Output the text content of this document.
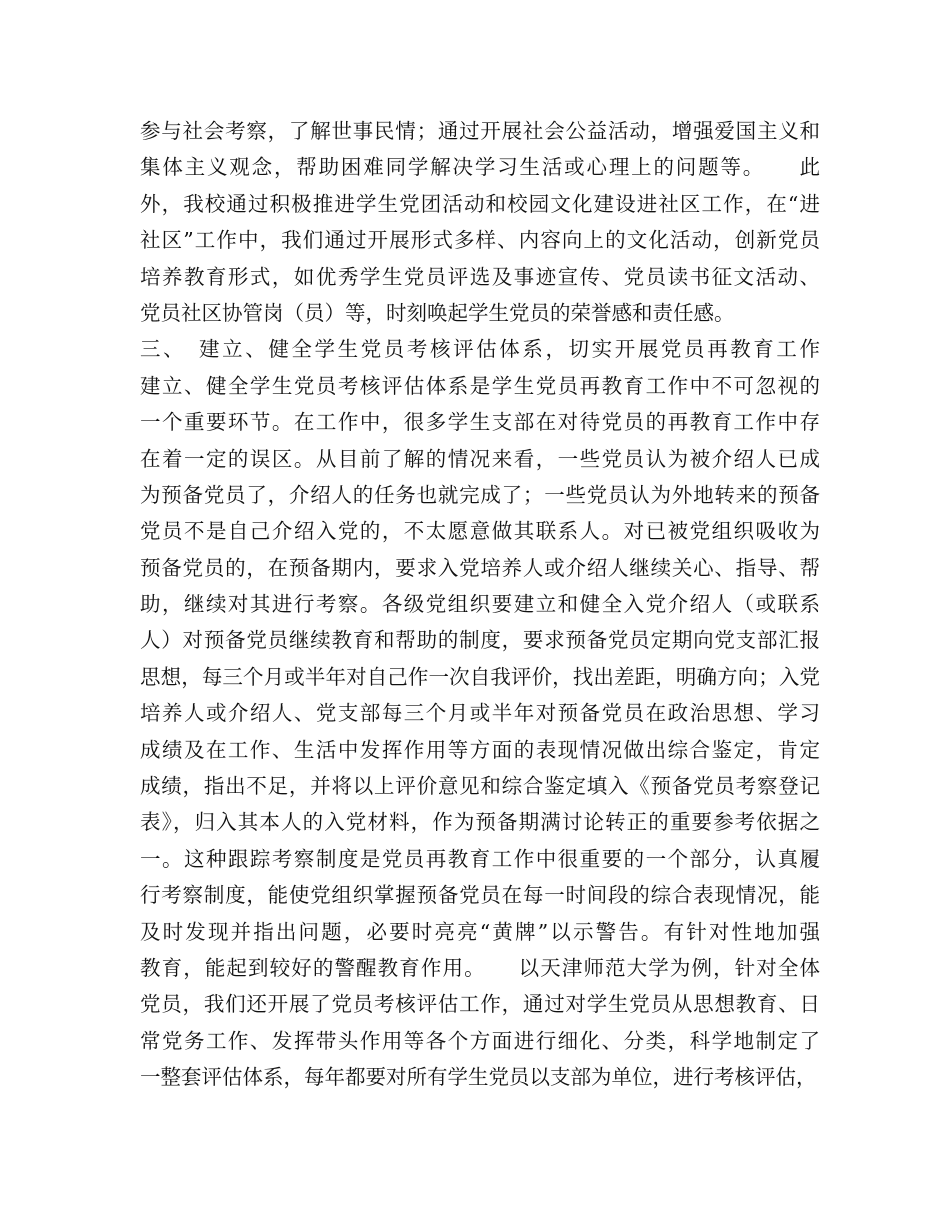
参与社会考察，了解世事民情；通过开展社会公益活动，增强爱国主义和
集体主义观念，帮助困难同学解决学习生活或心理上的问题等。　　此
外，我校通过积极推进学生党团活动和校园文化建设进社区工作，在“进
社区”工作中，我们通过开展形式多样、内容向上的文化活动，创新党员
培养教育形式，如优秀学生党员评选及事迹宣传、党员读书征文活动、
党员社区协管岗（员）等，时刻唤起学生党员的荣誉感和责任感。
三、　建立、健全学生党员考核评估体系，切实开展党员再教育工作
建立、健全学生党员考核评估体系是学生党员再教育工作中不可忽视的
一个重要环节。在工作中，很多学生支部在对待党员的再教育工作中存
在着一定的误区。从目前了解的情况来看，一些党员认为被介绍人已成
为预备党员了，介绍人的任务也就完成了；一些党员认为外地转来的预备
党员不是自己介绍入党的，不太愿意做其联系人。对已被党组织吸收为
预备党员的，在预备期内，要求入党培养人或介绍人继续关心、指导、帮
助，继续对其进行考察。各级党组织要建立和健全入党介绍人（或联系
人）对预备党员继续教育和帮助的制度，要求预备党员定期向党支部汇报
思想，每三个月或半年对自己作一次自我评价，找出差距，明确方向；入党
培养人或介绍人、党支部每三个月或半年对预备党员在政治思想、学习
成绩及在工作、生活中发挥作用等方面的表现情况做出综合鉴定，肯定
成绩，指出不足，并将以上评价意见和综合鉴定填入《预备党员考察登记
表》，归入其本人的入党材料，作为预备期满讨论转正的重要参考依据之
一。这种跟踪考察制度是党员再教育工作中很重要的一个部分，认真履
行考察制度，能使党组织掌握预备党员在每一时间段的综合表现情况，能
及时发现并指出问题，必要时亮亮“黄牌”以示警告。有针对性地加强
教育，能起到较好的警醒教育作用。　　以天津师范大学为例，针对全体
党员，我们还开展了党员考核评估工作，通过对学生党员从思想教育、日
常党务工作、发挥带头作用等各个方面进行细化、分类，科学地制定了
一整套评估体系，每年都要对所有学生党员以支部为单位，进行考核评估，
